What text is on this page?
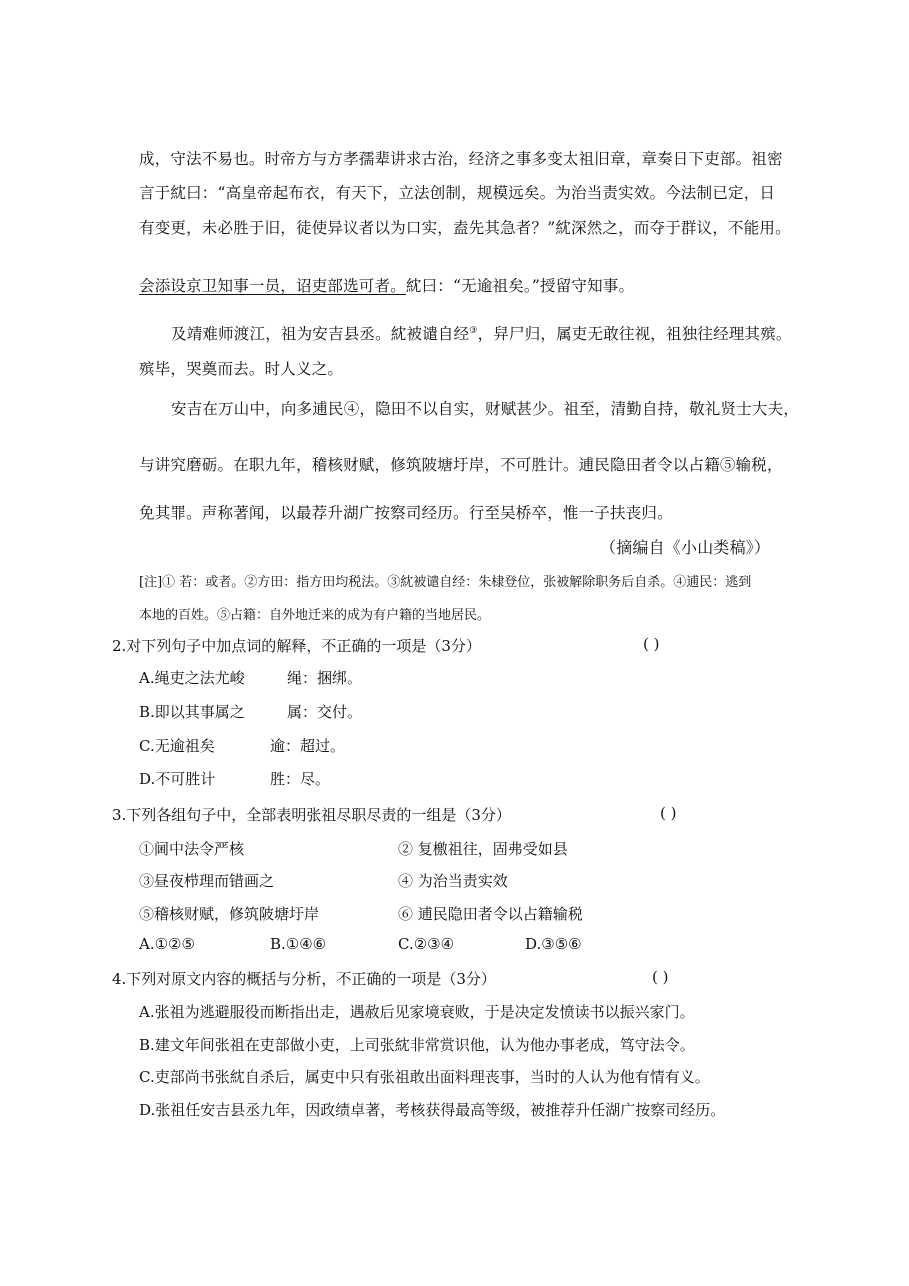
成，守法不易也。时帝方与方孝孺辈讲求古治，经济之事多变太祖旧章，章奏日下吏部。祖密
言于紞曰：“高皇帝起布衣，有天下，立法创制，规模远矣。为治当责实效。今法制已定，日
有变更，未必胜于旧，徒使异议者以为口实，盍先其急者？”紞深然之，而夺于群议，不能用。
会添设京卫知事一员，诏吏部选可者。紞曰：“无逾祖矣。”授留守知事。
及靖难师渡江，祖为安吉县丞。紞被谴自经③，舁尸归，属吏无敢往视，祖独往经理其殡。
殡毕，哭奠而去。时人义之。
安吉在万山中，向多逋民④，隐田不以自实，财赋甚少。祖至，清勤自持，敬礼贤士大夫，
与讲究磨砺。在职九年，稽核财赋，修筑陂塘圩岸，不可胜计。逋民隐田者令以占籍⑤输税，
免其罪。声称著闻，以最荐升湖广按察司经历。行至吴桥卒，惟一子扶丧归。
（摘编自《小山类稿》）
[注]① 若：或者。②方田：指方田均税法。③紞被谴自经：朱棣登位，张被解除职务后自杀。④逋民：逃到
本地的百姓。⑤占籍：自外地迁来的成为有户籍的当地居民。
2.对下列句子中加点词的解释，不正确的一项是（3分）	( )
A.绳吏之法尤峻	绳：捆绑。
B.即以其事属之	属：交付。
C.无逾祖矣	逾：超过。
D.不可胜计	胜：尽。
3.下列各组句子中，全部表明张祖尽职尽责的一组是（3分）	( )
①阃中法令严核	② 复檄祖往，固弗受如县
③昼夜栉理而错画之	④ 为治当责实效
⑤稽核财赋，修筑陂塘圩岸	⑥ 逋民隐田者令以占籍输税
A.①②⑤	B.①④⑥	C.②③④	D.③⑤⑥
4.下列对原文内容的概括与分析，不正确的一项是（3分）	( )
A.张祖为逃避服役而断指出走，遇赦后见家境衰败，于是决定发愤读书以振兴家门。
B.建文年间张祖在吏部做小吏，上司张紞非常赏识他，认为他办事老成，笃守法令。
C.吏部尚书张紞自杀后，属吏中只有张祖敢出面料理丧事，当时的人认为他有情有义。
D.张祖任安吉县丞九年，因政绩卓著，考核获得最高等级，被推荐升任湖广按察司经历。
